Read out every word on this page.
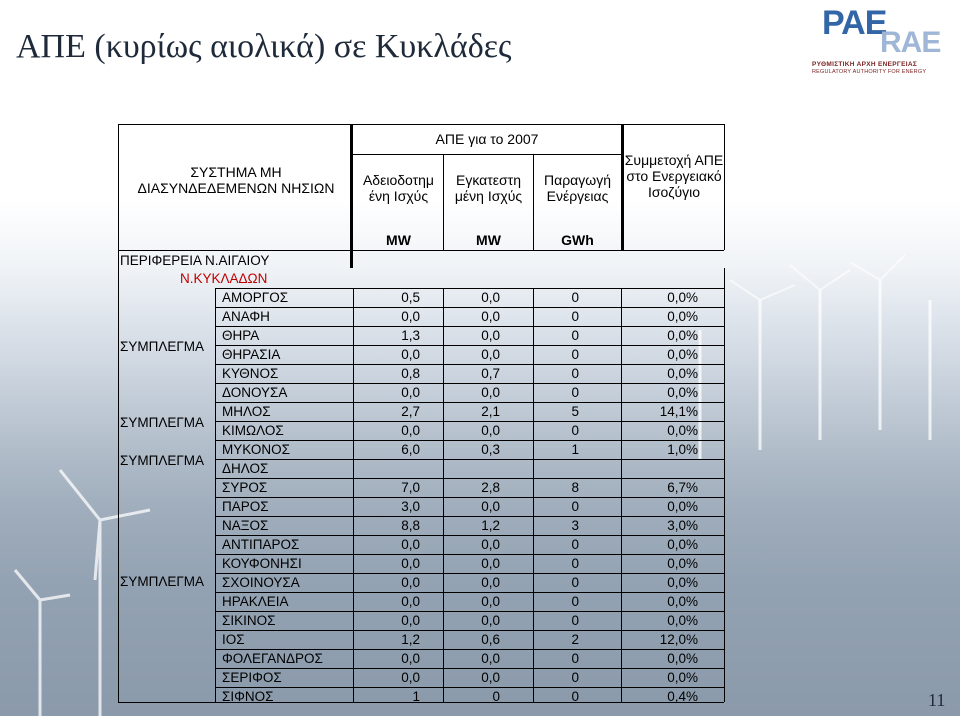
ΑΠΕ (κυρίως αιολικά) σε Κυκλάδες
PAE
RAE
ΡΥΘΜΙΣΤΙΚΗ ΑΡΧΗ ΕΝΕΡΓΕΙΑΣ
REGULATORY AUTHORITY FOR ENERGY
ΣΥΣΤΗΜΑ ΜΗ ΔΙΑΣΥΝΔΕΔΕΜΕΝΩΝ ΝΗΣΙΩΝ
ΑΠΕ για το 2007
Αδειοδοτημ ένη Ισχύς
Εγκατεστη μένη Ισχύς
Παραγωγή Ενέργειας
Συμμετοχή ΑΠΕ στο Ενεργειακό Ισοζύγιο
MW	MW	GWh
ΠΕΡΙΦΕΡΕΙΑ Ν.ΑΙΓΑΙΟΥ
Ν.ΚΥΚΛΑΔΩΝ
ΣΥΜΠΛΕΓΜΑ
ΣΥΜΠΛΕΓΜΑ
ΣΥΜΠΛΕΓΜΑ
ΣΥΜΠΛΕΓΜΑ
ΑΜΟΡΓΟΣ	0,5	0,0	0	0,0%
ΑΝΑΦΗ	0,0	0,0	0	0,0%
ΘΗΡΑ	1,3	0,0	0	0,0%
ΘΗΡΑΣΙΑ	0,0	0,0	0	0,0%
ΚΥΘΝΟΣ	0,8	0,7	0	0,0%
ΔΟΝΟΥΣΑ	0,0	0,0	0	0,0%
ΜΗΛΟΣ	2,7	2,1	5	14,1%
ΚΙΜΩΛΟΣ	0,0	0,0	0	0,0%
ΜΥΚΟΝΟΣ	6,0	0,3	1	1,0%
ΔΗΛΟΣ
ΣΥΡΟΣ	7,0	2,8	8	6,7%
ΠΑΡΟΣ	3,0	0,0	0	0,0%
ΝΑΞΟΣ	8,8	1,2	3	3,0%
ΑΝΤΙΠΑΡΟΣ	0,0	0,0	0	0,0%
ΚΟΥΦΟΝΗΣΙ	0,0	0,0	0	0,0%
ΣΧΟΙΝΟΥΣΑ	0,0	0,0	0	0,0%
ΗΡΑΚΛΕΙΑ	0,0	0,0	0	0,0%
ΣΙΚΙΝΟΣ	0,0	0,0	0	0,0%
ΙΟΣ	1,2	0,6	2	12,0%
ΦΟΛΕΓΑΝΔΡΟΣ	0,0	0,0	0	0,0%
ΣΕΡΙΦΟΣ	0,0	0,0	0	0,0%
ΣΙΦΝΟΣ	1	0	0	0,4%	11
